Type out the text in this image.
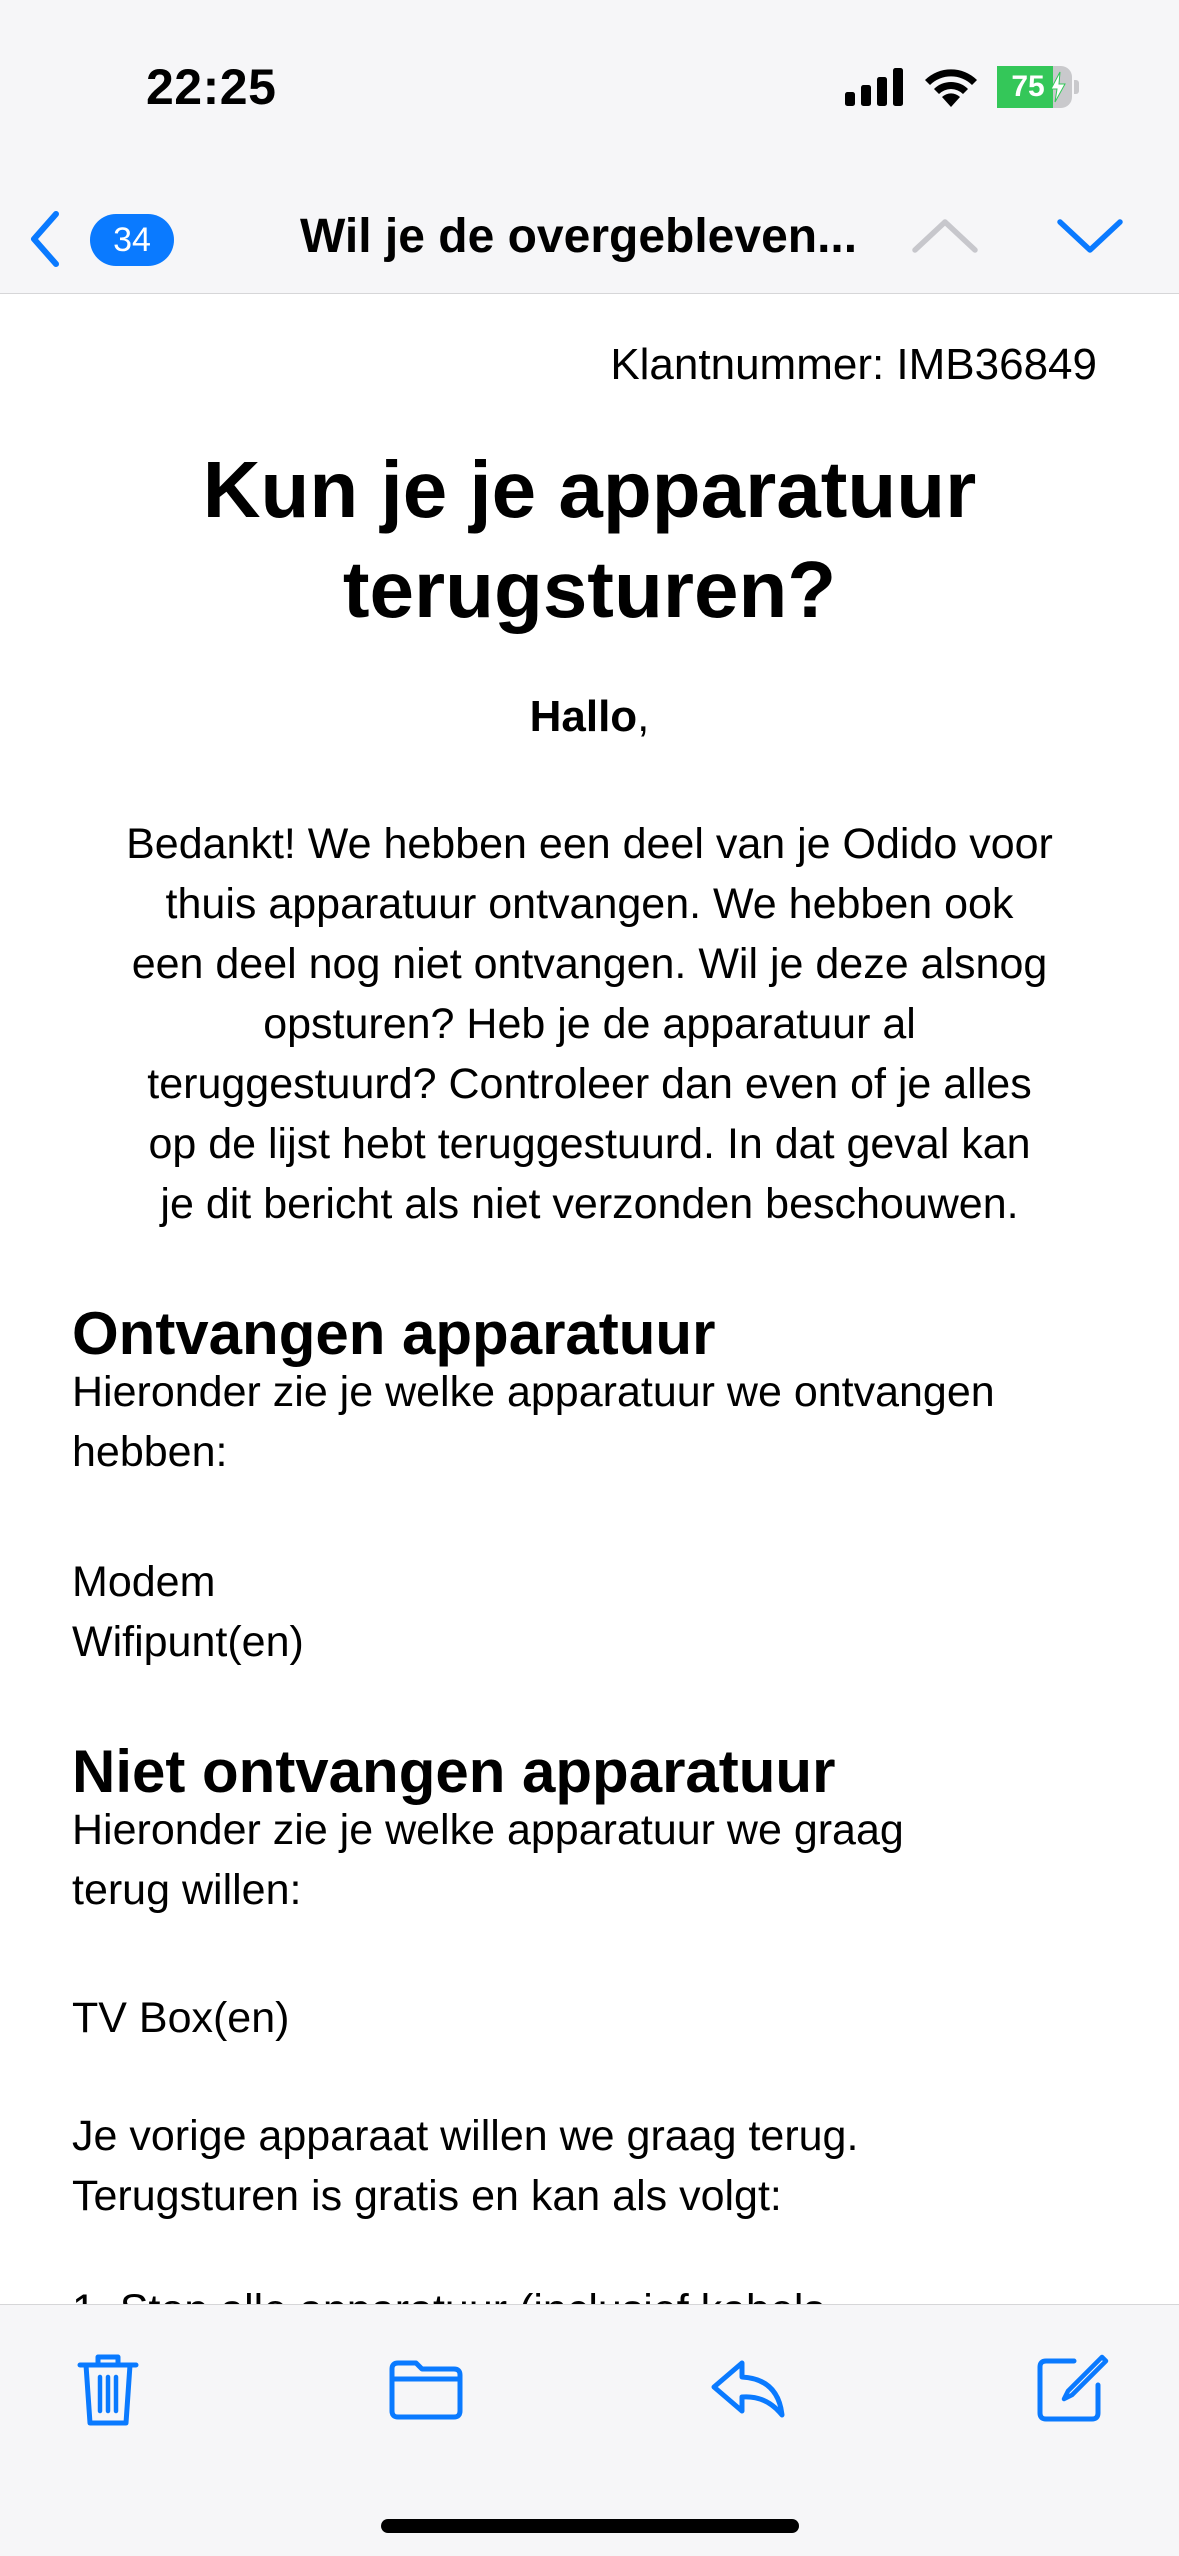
22:25	75
34	Wil je de overgebleven...
Klantnummer: IMB36849
Kun je je apparatuur
terugsturen?
Hallo,
Bedankt! We hebben een deel van je Odido voor
thuis apparatuur ontvangen. We hebben ook
een deel nog niet ontvangen. Wil je deze alsnog
opsturen? Heb je de apparatuur al
teruggestuurd? Controleer dan even of je alles
op de lijst hebt teruggestuurd. In dat geval kan
je dit bericht als niet verzonden beschouwen.
Ontvangen apparatuur
Hieronder zie je welke apparatuur we ontvangen
hebben:
Modem
Wifipunt(en)
Niet ontvangen apparatuur
Hieronder zie je welke apparatuur we graag
terug willen:
TV Box(en)
Je vorige apparaat willen we graag terug.
Terugsturen is gratis en kan als volgt:
